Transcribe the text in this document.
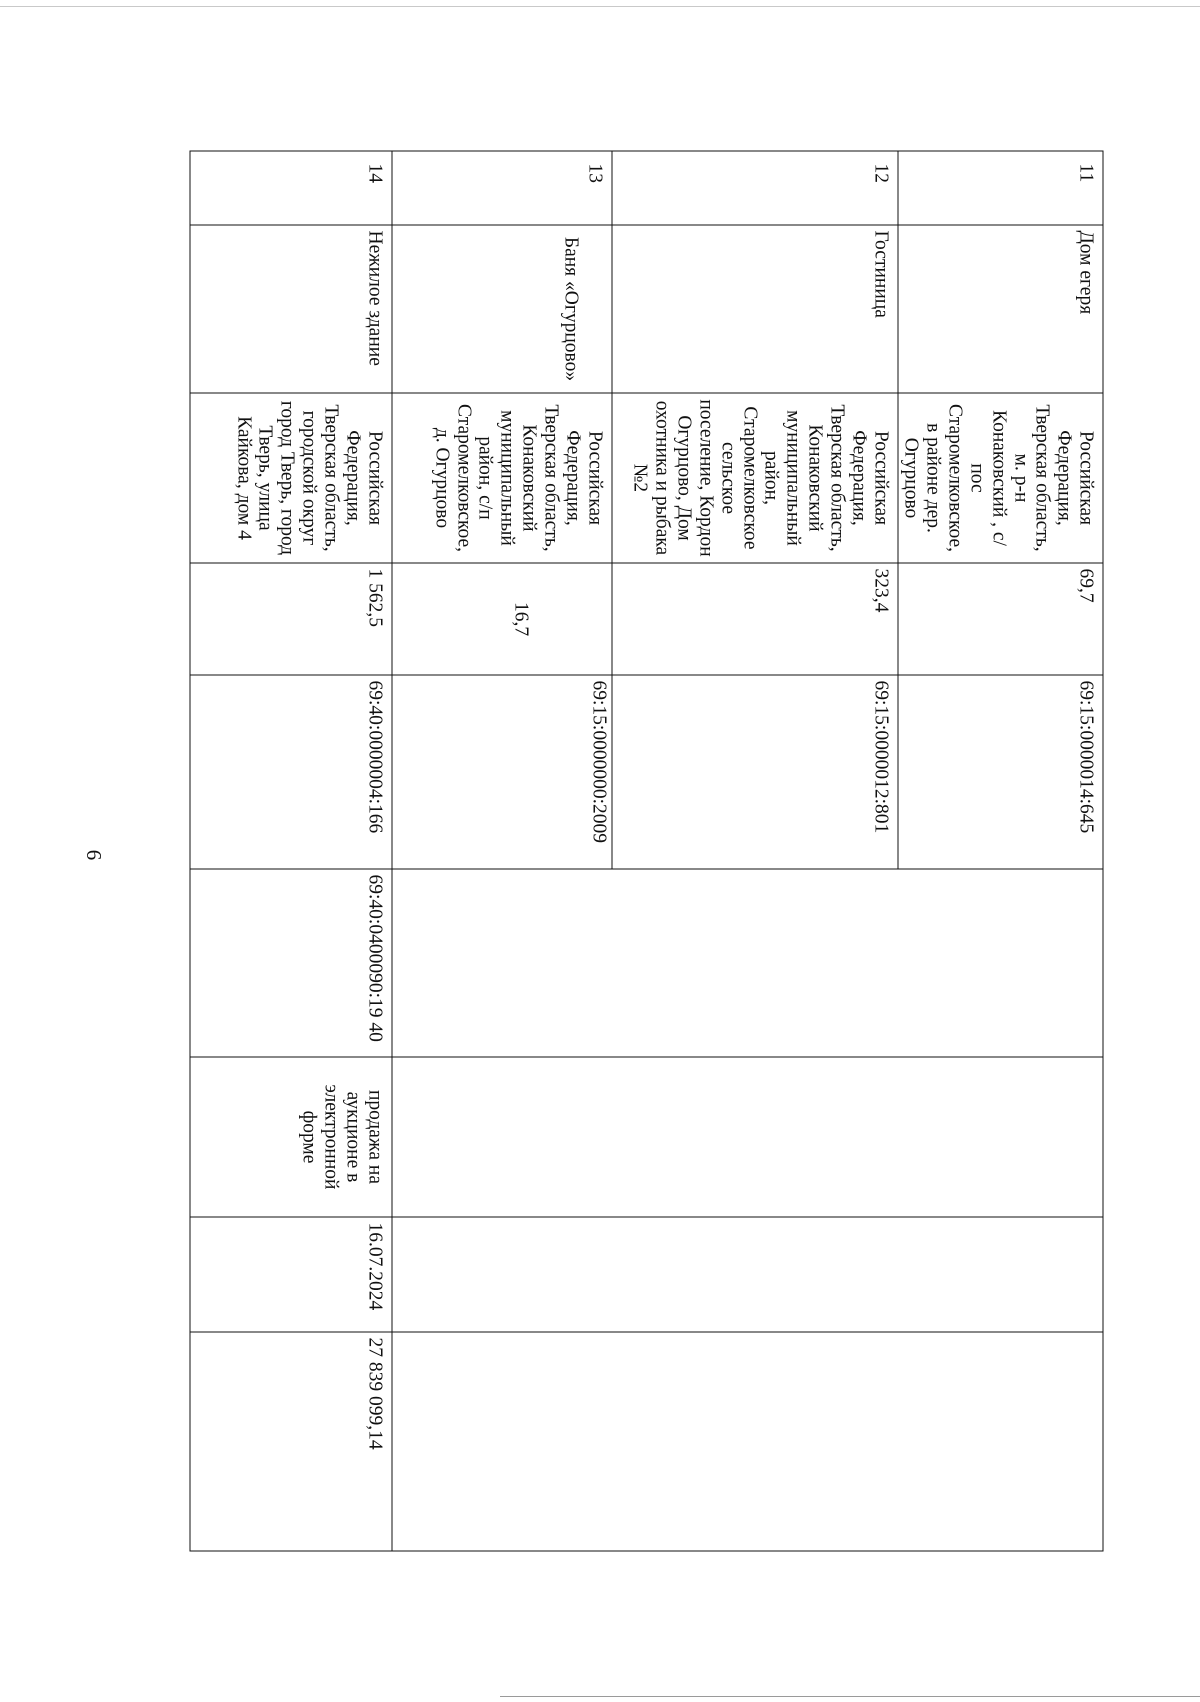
6
11	Дом егеря	Российская Федерация, Тверская область, м. р-н Конаковский , с/пос Старомелковское, в районе дер. Огурцово	69,7	69:15:0000014:645				
12	Гостиница	Российская Федерация, Тверская область, Конаковский муниципальный район, Старомелковское сельское поселение, Кордон Огурцово, Дом охотника и рыбака №2	323,4	69:15:0000012:801				
13	Баня «Огурцово»	Российская Федерация, Тверская область, Конаковский муниципальный район, с/п Старомелковское, д. Огурцово	16,7	69:15:0000000:2009				
14	Нежилое здание	Российская Федерация, Тверская область, городской округ город Тверь, город Тверь, улица Кайкова, дом 4	1 562,5	69:40:0000004:166	69:40:0400090:19 40	продажа на аукционе в электронной форме	16.07.2024	27 839 099,14
